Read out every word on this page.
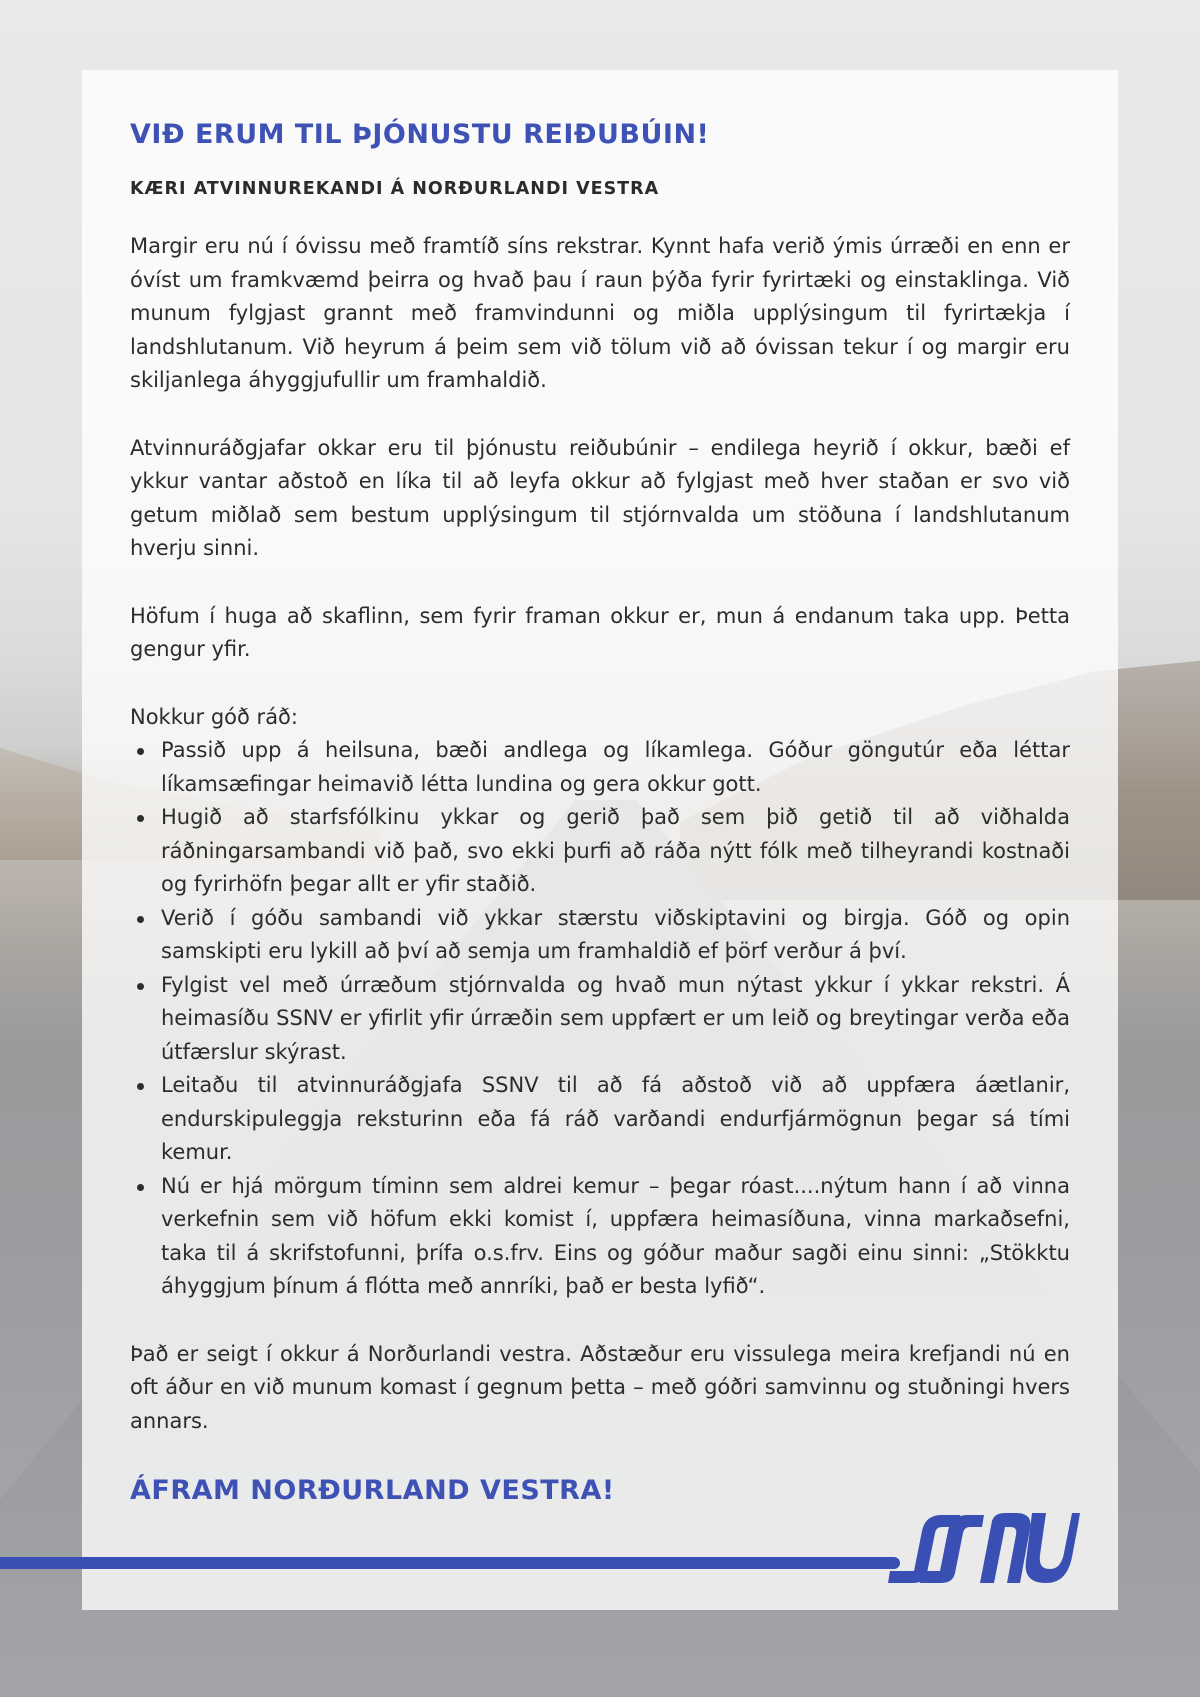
VIÐ ERUM TIL ÞJÓNUSTU REIÐUBÚIN!
KÆRI ATVINNUREKANDI Á NORÐURLANDI VESTRA

Margir eru nú í óvissu með framtíð síns rekstrar. Kynnt hafa verið ýmis úrræði en enn er óvíst um framkvæmd þeirra og hvað þau í raun þýða fyrir fyrirtæki og einstaklinga. Við munum fylgjast grannt með framvindunni og miðla upplýsingum til fyrirtækja í landshlutanum. Við heyrum á þeim sem við tölum við að óvissan tekur í og margir eru skiljanlega áhyggjufullir um framhaldið.

Atvinnuráðgjafar okkar eru til þjónustu reiðubúnir – endilega heyrið í okkur, bæði ef ykkur vantar aðstoð en líka til að leyfa okkur að fylgjast með hver staðan er svo við getum miðlað sem bestum upplýsingum til stjórnvalda um stöðuna í landshlutanum hverju sinni.

Höfum í huga að skaflinn, sem fyrir framan okkur er, mun á endanum taka upp. Þetta gengur yfir.

Nokkur góð ráð:

Passið upp á heilsuna, bæði andlega og líkamlega. Góður göngutúr eða léttar líkamsæfingar heimavið létta lundina og gera okkur gott.
Hugið að starfsfólkinu ykkar og gerið það sem þið getið til að viðhalda ráðningarsambandi við það, svo ekki þurfi að ráða nýtt fólk með tilheyrandi kostnaði og fyrirhöfn þegar allt er yfir staðið.
Verið í góðu sambandi við ykkar stærstu viðskiptavini og birgja. Góð og opin samskipti eru lykill að því að semja um framhaldið ef þörf verður á því.
Fylgist vel með úrræðum stjórnvalda og hvað mun nýtast ykkur í ykkar rekstri. Á heimasíðu SSNV er yfirlit yfir úrræðin sem uppfært er um leið og breytingar verða eða útfærslur skýrast.
Leitaðu til atvinnuráðgjafa SSNV til að fá aðstoð við að uppfæra áætlanir, endurskipuleggja reksturinn eða fá ráð varðandi endurfjármögnun þegar sá tími kemur.
Nú er hjá mörgum tíminn sem aldrei kemur – þegar róast....nýtum hann í að vinna verkefnin sem við höfum ekki komist í, uppfæra heimasíðuna, vinna markaðsefni, taka til á skrifstofunni, þrífa o.s.frv. Eins og góður maður sagði einu sinni: „Stökktu áhyggjum þínum á flótta með annríki, það er besta lyfið“.

Það er seigt í okkur á Norðurlandi vestra. Aðstæður eru vissulega meira krefjandi nú en oft áður en við munum komast í gegnum þetta – með góðri samvinnu og stuðningi hvers annars.

ÁFRAM NORÐURLAND VESTRA!
